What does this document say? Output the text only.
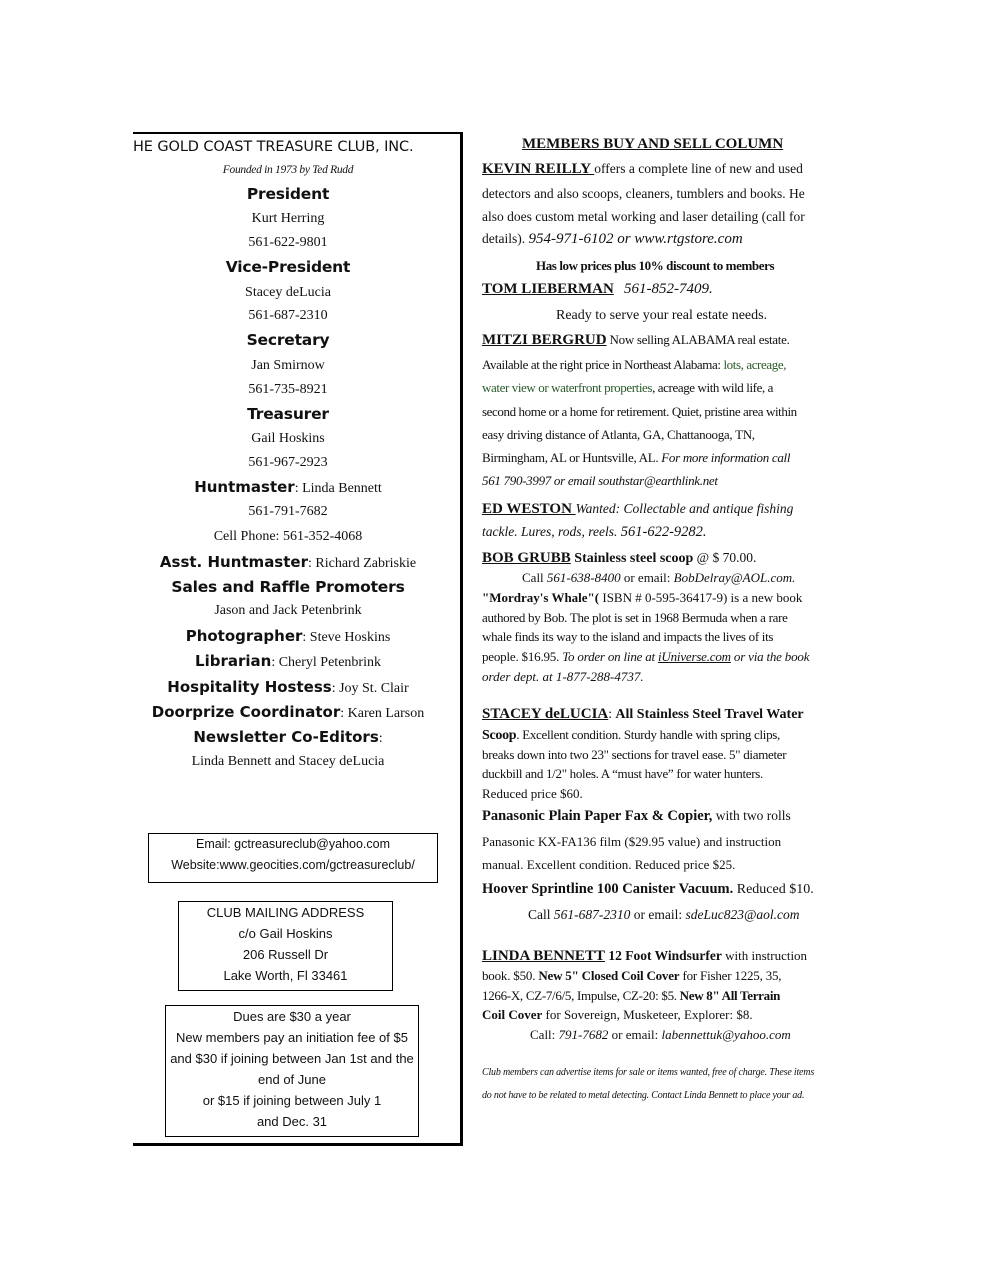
HE GOLD COAST TREASURE CLUB, INC.
Founded in 1973 by Ted Rudd
President
Kurt Herring
561-622-9801
Vice-President
Stacey deLucia
561-687-2310
Secretary
Jan Smirnow
561-735-8921
Treasurer
Gail Hoskins
561-967-2923
Huntmaster: Linda Bennett
561-791-7682
Cell Phone: 561-352-4068
Asst. Huntmaster: Richard Zabriskie
Sales and Raffle Promoters
Jason and Jack Petenbrink
Photographer: Steve Hoskins
Librarian: Cheryl Petenbrink
Hospitality Hostess: Joy St. Clair
Doorprize Coordinator: Karen Larson
Newsletter Co-Editors:
Linda Bennett and Stacey deLucia
Email: gctreasureclub@yahoo.com
Website:www.geocities.com/gctreasureclub/
CLUB MAILING ADDRESS
c/o Gail Hoskins
206 Russell Dr
Lake Worth, Fl 33461
Dues are $30 a year
New members pay an initiation fee of $5
and $30 if joining between Jan 1st and the
end of June
or $15 if joining between July 1
and Dec. 31
MEMBERS BUY AND SELL COLUMN
KEVIN REILLY offers a complete line of new and used
detectors and also scoops, cleaners, tumblers and books. He
also does custom metal working and laser detailing (call for
details). 954-971-6102 or www.rtgstore.com
Has low prices plus 10% discount to members
TOM LIEBERMAN 561-852-7409.
Ready to serve your real estate needs.
MITZI BERGRUD Now selling ALABAMA real estate.
Available at the right price in Northeast Alabama: lots, acreage,
water view or waterfront properties, acreage with wild life, a
second home or a home for retirement. Quiet, pristine area within
easy driving distance of Atlanta, GA, Chattanooga, TN,
Birmingham, AL or Huntsville, AL. For more information call
561 790-3997 or email southstar@earthlink.net
ED WESTON Wanted: Collectable and antique fishing
tackle. Lures, rods, reels. 561-622-9282.
BOB GRUBB Stainless steel scoop @ $ 70.00.
Call 561-638-8400 or email: BobDelray@AOL.com.
"Mordray's Whale"( ISBN # 0-595-36417-9) is a new book
authored by Bob. The plot is set in 1968 Bermuda when a rare
whale finds its way to the island and impacts the lives of its
people. $16.95. To order on line at iUniverse.com or via the book
order dept. at 1-877-288-4737.
STACEY deLUCIA: All Stainless Steel Travel Water
Scoop. Excellent condition. Sturdy handle with spring clips,
breaks down into two 23" sections for travel ease. 5" diameter
duckbill and 1/2" holes. A “must have” for water hunters.
Reduced price $60.
Panasonic Plain Paper Fax & Copier, with two rolls
Panasonic KX-FA136 film ($29.95 value) and instruction
manual. Excellent condition. Reduced price $25.
Hoover Sprintline 100 Canister Vacuum. Reduced $10.
Call 561-687-2310 or email: sdeLuc823@aol.com
LINDA BENNETT 12 Foot Windsurfer with instruction
book. $50. New 5" Closed Coil Cover for Fisher 1225, 35,
1266-X, CZ-7/6/5, Impulse, CZ-20: $5. New 8" All Terrain
Coil Cover for Sovereign, Musketeer, Explorer: $8.
Call: 791-7682 or email: labennettuk@yahoo.com
Club members can advertise items for sale or items wanted, free of charge. These items
do not have to be related to metal detecting. Contact Linda Bennett to place your ad.
